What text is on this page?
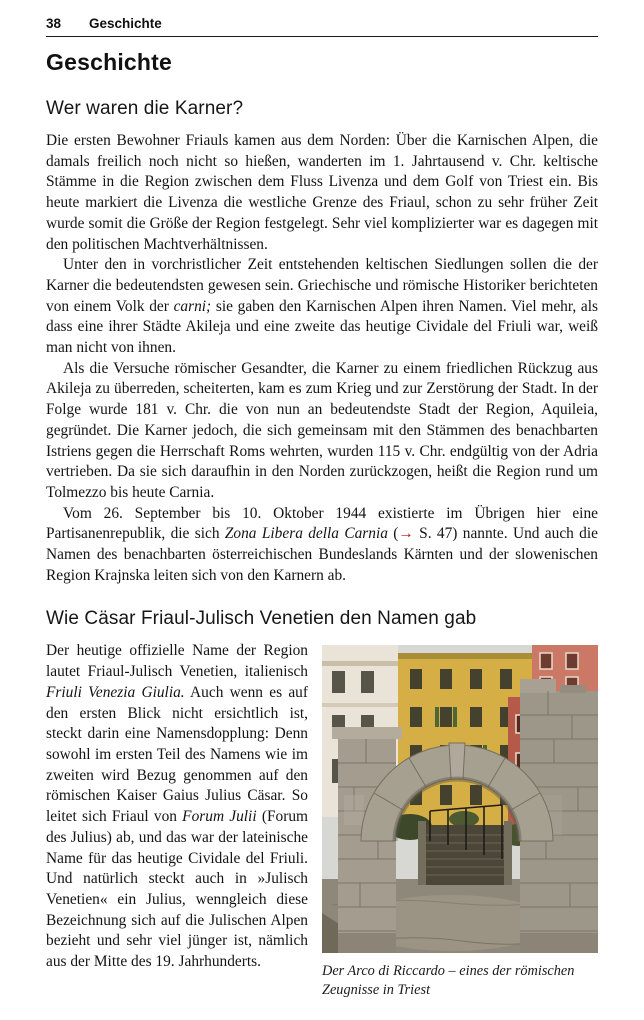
38 Geschichte
Geschichte
Wer waren die Karner?

Die ersten Bewohner Friauls kamen aus dem Norden: Über die Karnischen Alpen, die damals freilich noch nicht so hießen, wanderten im 1. Jahrtausend v. Chr. keltische Stämme in die Region zwischen dem Fluss Livenza und dem Golf von Triest ein. Bis heute markiert die Livenza die westliche Grenze des Friaul, schon zu sehr früher Zeit wurde somit die Größe der Region festgelegt. Sehr viel komplizierter war es dagegen mit den politischen Machtverhältnissen.

Unter den in vorchristlicher Zeit entstehenden keltischen Siedlungen sollen die der Karner die bedeutendsten gewesen sein. Griechische und römische Historiker berichteten von einem Volk der carni; sie gaben den Karnischen Alpen ihren Namen. Viel mehr, als dass eine ihrer Städte Akileja und eine zweite das heutige Cividale del Friuli war, weiß man nicht von ihnen.

Als die Versuche römischer Gesandter, die Karner zu einem friedlichen Rückzug aus Akileja zu überreden, scheiterten, kam es zum Krieg und zur Zerstörung der Stadt. In der Folge wurde 181 v. Chr. die von nun an bedeutendste Stadt der Region, Aquileia, gegründet. Die Karner jedoch, die sich gemeinsam mit den Stämmen des benachbarten Istriens gegen die Herrschaft Roms wehrten, wurden 115 v. Chr. endgültig von der Adria vertrieben. Da sie sich daraufhin in den Norden zurückzogen, heißt die Region rund um Tolmezzo bis heute Carnia.

Vom 26. September bis 10. Oktober 1944 existierte im Übrigen hier eine Partisanenrepublik, die sich Zona Libera della Carnia (→ S. 47) nannte. Und auch die Namen des benachbarten österreichischen Bundeslands Kärnten und der slowenischen Region Krajnska leiten sich von den Karnern ab.

Wie Cäsar Friaul-Julisch Venetien den Namen gab
Der Arco di Riccardo – eines der römischen Zeugnisse in Triest

Der heutige offizielle Name der Region lautet Friaul-Julisch Venetien, italienisch Friuli Venezia Giulia. Auch wenn es auf den ersten Blick nicht ersichtlich ist, steckt darin eine Namensdopplung: Denn sowohl im ersten Teil des Namens wie im zweiten wird Bezug genommen auf den römischen Kaiser Gaius Julius Cäsar. So leitet sich Friaul von Forum Julii (Forum des Julius) ab, und das war der lateinische Name für das heutige Cividale del Friuli. Und natürlich steckt auch in »Julisch Venetien« ein Julius, wenngleich diese Bezeichnung sich auf die Julischen Alpen bezieht und sehr viel jünger ist, nämlich aus der Mitte des 19. Jahrhunderts.
